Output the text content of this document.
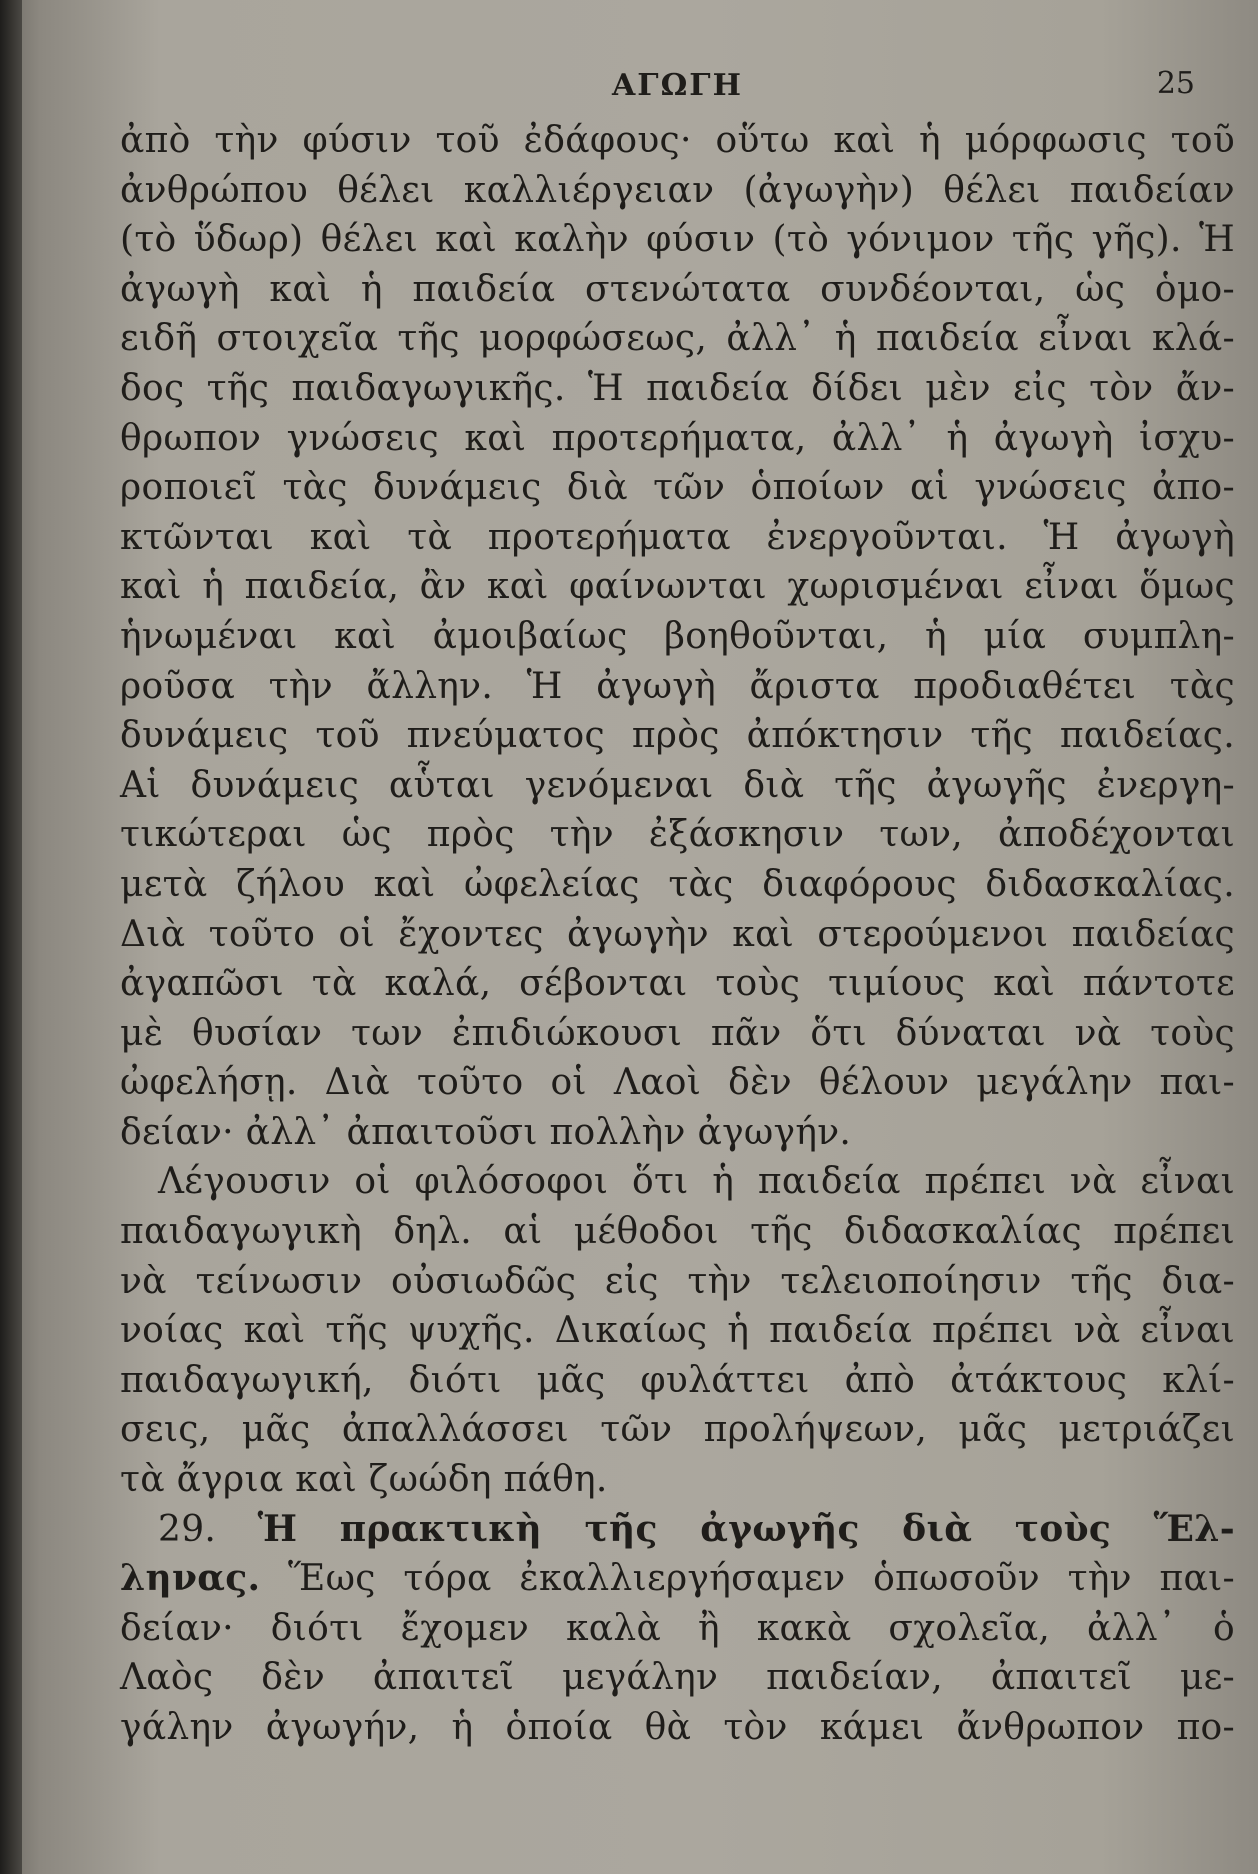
ΑΓΩΓΗ	25
ἀπὸ τὴν φύσιν τοῦ ἐδάφους· οὕτω καὶ ἡ μόρφωσις τοῦ
ἀνθρώπου θέλει καλλιέργειαν (ἀγωγὴν) θέλει παιδείαν
(τὸ ὕδωρ) θέλει καὶ καλὴν φύσιν (τὸ γόνιμον τῆς γῆς). Ἡ
ἀγωγὴ καὶ ἡ παιδεία στενώτατα συνδέονται, ὡς ὁμο-
ειδῆ στοιχεῖα τῆς μορφώσεως, ἀλλ᾽ ἡ παιδεία εἶναι κλά-
δος τῆς παιδαγωγικῆς. Ἡ παιδεία δίδει μὲν εἰς τὸν ἄν-
θρωπον γνώσεις καὶ προτερήματα, ἀλλ᾽ ἡ ἀγωγὴ ἰσχυ-
ροποιεῖ τὰς δυνάμεις διὰ τῶν ὁποίων αἱ γνώσεις ἀπο-
κτῶνται καὶ τὰ προτερήματα ἐνεργοῦνται. Ἡ ἀγωγὴ
καὶ ἡ παιδεία, ἂν καὶ φαίνωνται χωρισμέναι εἶναι ὅμως
ἡνωμέναι καὶ ἀμοιβαίως βοηθοῦνται, ἡ μία συμπλη-
ροῦσα τὴν ἄλλην. Ἡ ἀγωγὴ ἄριστα προδιαθέτει τὰς
δυνάμεις τοῦ πνεύματος πρὸς ἀπόκτησιν τῆς παιδείας.
Αἱ δυνάμεις αὗται γενόμεναι διὰ τῆς ἀγωγῆς ἐνεργη-
τικώτεραι ὡς πρὸς τὴν ἐξάσκησιν των, ἀποδέχονται
μετὰ ζήλου καὶ ὠφελείας τὰς διαφόρους διδασκαλίας.
Διὰ τοῦτο οἱ ἔχοντες ἀγωγὴν καὶ στερούμενοι παιδείας
ἀγαπῶσι τὰ καλά, σέβονται τοὺς τιμίους καὶ πάντοτε
μὲ θυσίαν των ἐπιδιώκουσι πᾶν ὅτι δύναται νὰ τοὺς
ὠφελήσῃ. Διὰ τοῦτο οἱ Λαοὶ δὲν θέλουν μεγάλην παι-
δείαν· ἀλλ᾽ ἀπαιτοῦσι πολλὴν ἀγωγήν.
Λέγουσιν οἱ φιλόσοφοι ὅτι ἡ παιδεία πρέπει νὰ εἶναι
παιδαγωγικὴ δηλ. αἱ μέθοδοι τῆς διδασκαλίας πρέπει
νὰ τείνωσιν οὐσιωδῶς εἰς τὴν τελειοποίησιν τῆς δια-
νοίας καὶ τῆς ψυχῆς. Δικαίως ἡ παιδεία πρέπει νὰ εἶναι
παιδαγωγική, διότι μᾶς φυλάττει ἀπὸ ἀτάκτους κλί-
σεις, μᾶς ἀπαλλάσσει τῶν προλήψεων, μᾶς μετριάζει
τὰ ἄγρια καὶ ζωώδη πάθη.
29. Ἡ πρακτικὴ τῆς ἀγωγῆς διὰ τοὺς Ἕλ-
ληνας. Ἕως τόρα ἐκαλλιεργήσαμεν ὁπωσοῦν τὴν παι-
δείαν· διότι ἔχομεν καλὰ ἢ κακὰ σχολεῖα, ἀλλ᾽ ὁ
Λαὸς δὲν ἀπαιτεῖ μεγάλην παιδείαν, ἀπαιτεῖ με-
γάλην ἀγωγήν, ἡ ὁποία θὰ τὸν κάμει ἄνθρωπον πο-
